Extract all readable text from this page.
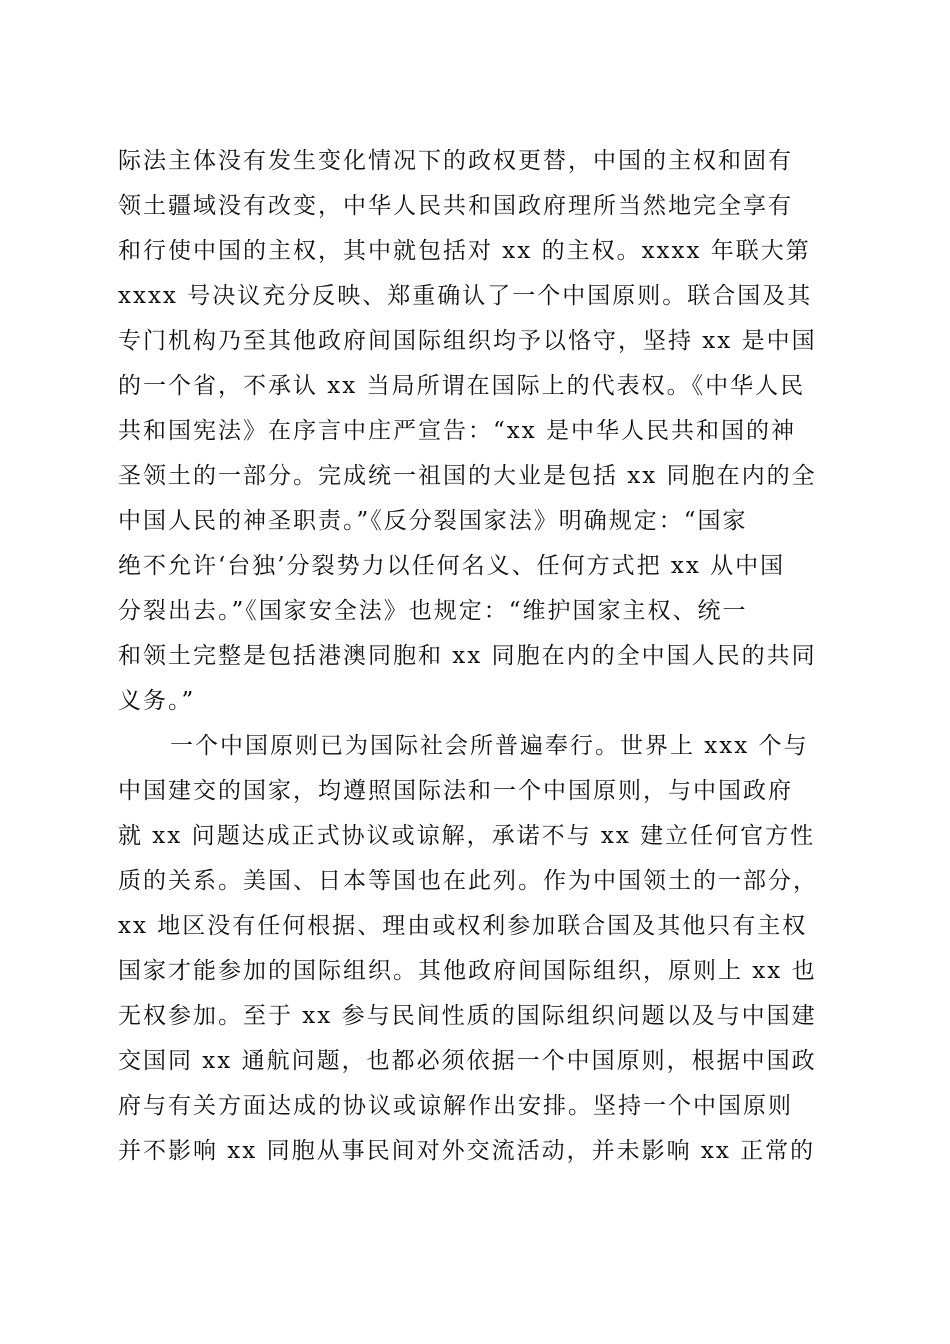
际法主体没有发生变化情况下的政权更替，中国的主权和固有
领土疆域没有改变，中华人民共和国政府理所当然地完全享有
和行使中国的主权，其中就包括对 xx 的主权。xxxx 年联大第
xxxx 号决议充分反映、郑重确认了一个中国原则。联合国及其
专门机构乃至其他政府间国际组织均予以恪守，坚持 xx 是中国
的一个省，不承认 xx 当局所谓在国际上的代表权。《中华人民
共和国宪法》在序言中庄严宣告：“xx 是中华人民共和国的神
圣领土的一部分。完成统一祖国的大业是包括 xx 同胞在内的全
中国人民的神圣职责。”《反分裂国家法》明确规定：“国家
绝不允许‘台独’分裂势力以任何名义、任何方式把 xx 从中国
分裂出去。”《国家安全法》也规定：“维护国家主权、统一
和领土完整是包括港澳同胞和 xx 同胞在内的全中国人民的共同
义务。”
一个中国原则已为国际社会所普遍奉行。世界上 xxx 个与
中国建交的国家，均遵照国际法和一个中国原则，与中国政府
就 xx 问题达成正式协议或谅解，承诺不与 xx 建立任何官方性
质的关系。美国、日本等国也在此列。作为中国领土的一部分，
xx 地区没有任何根据、理由或权利参加联合国及其他只有主权
国家才能参加的国际组织。其他政府间国际组织，原则上 xx 也
无权参加。至于 xx 参与民间性质的国际组织问题以及与中国建
交国同 xx 通航问题，也都必须依据一个中国原则，根据中国政
府与有关方面达成的协议或谅解作出安排。坚持一个中国原则
并不影响 xx 同胞从事民间对外交流活动，并未影响 xx 正常的
